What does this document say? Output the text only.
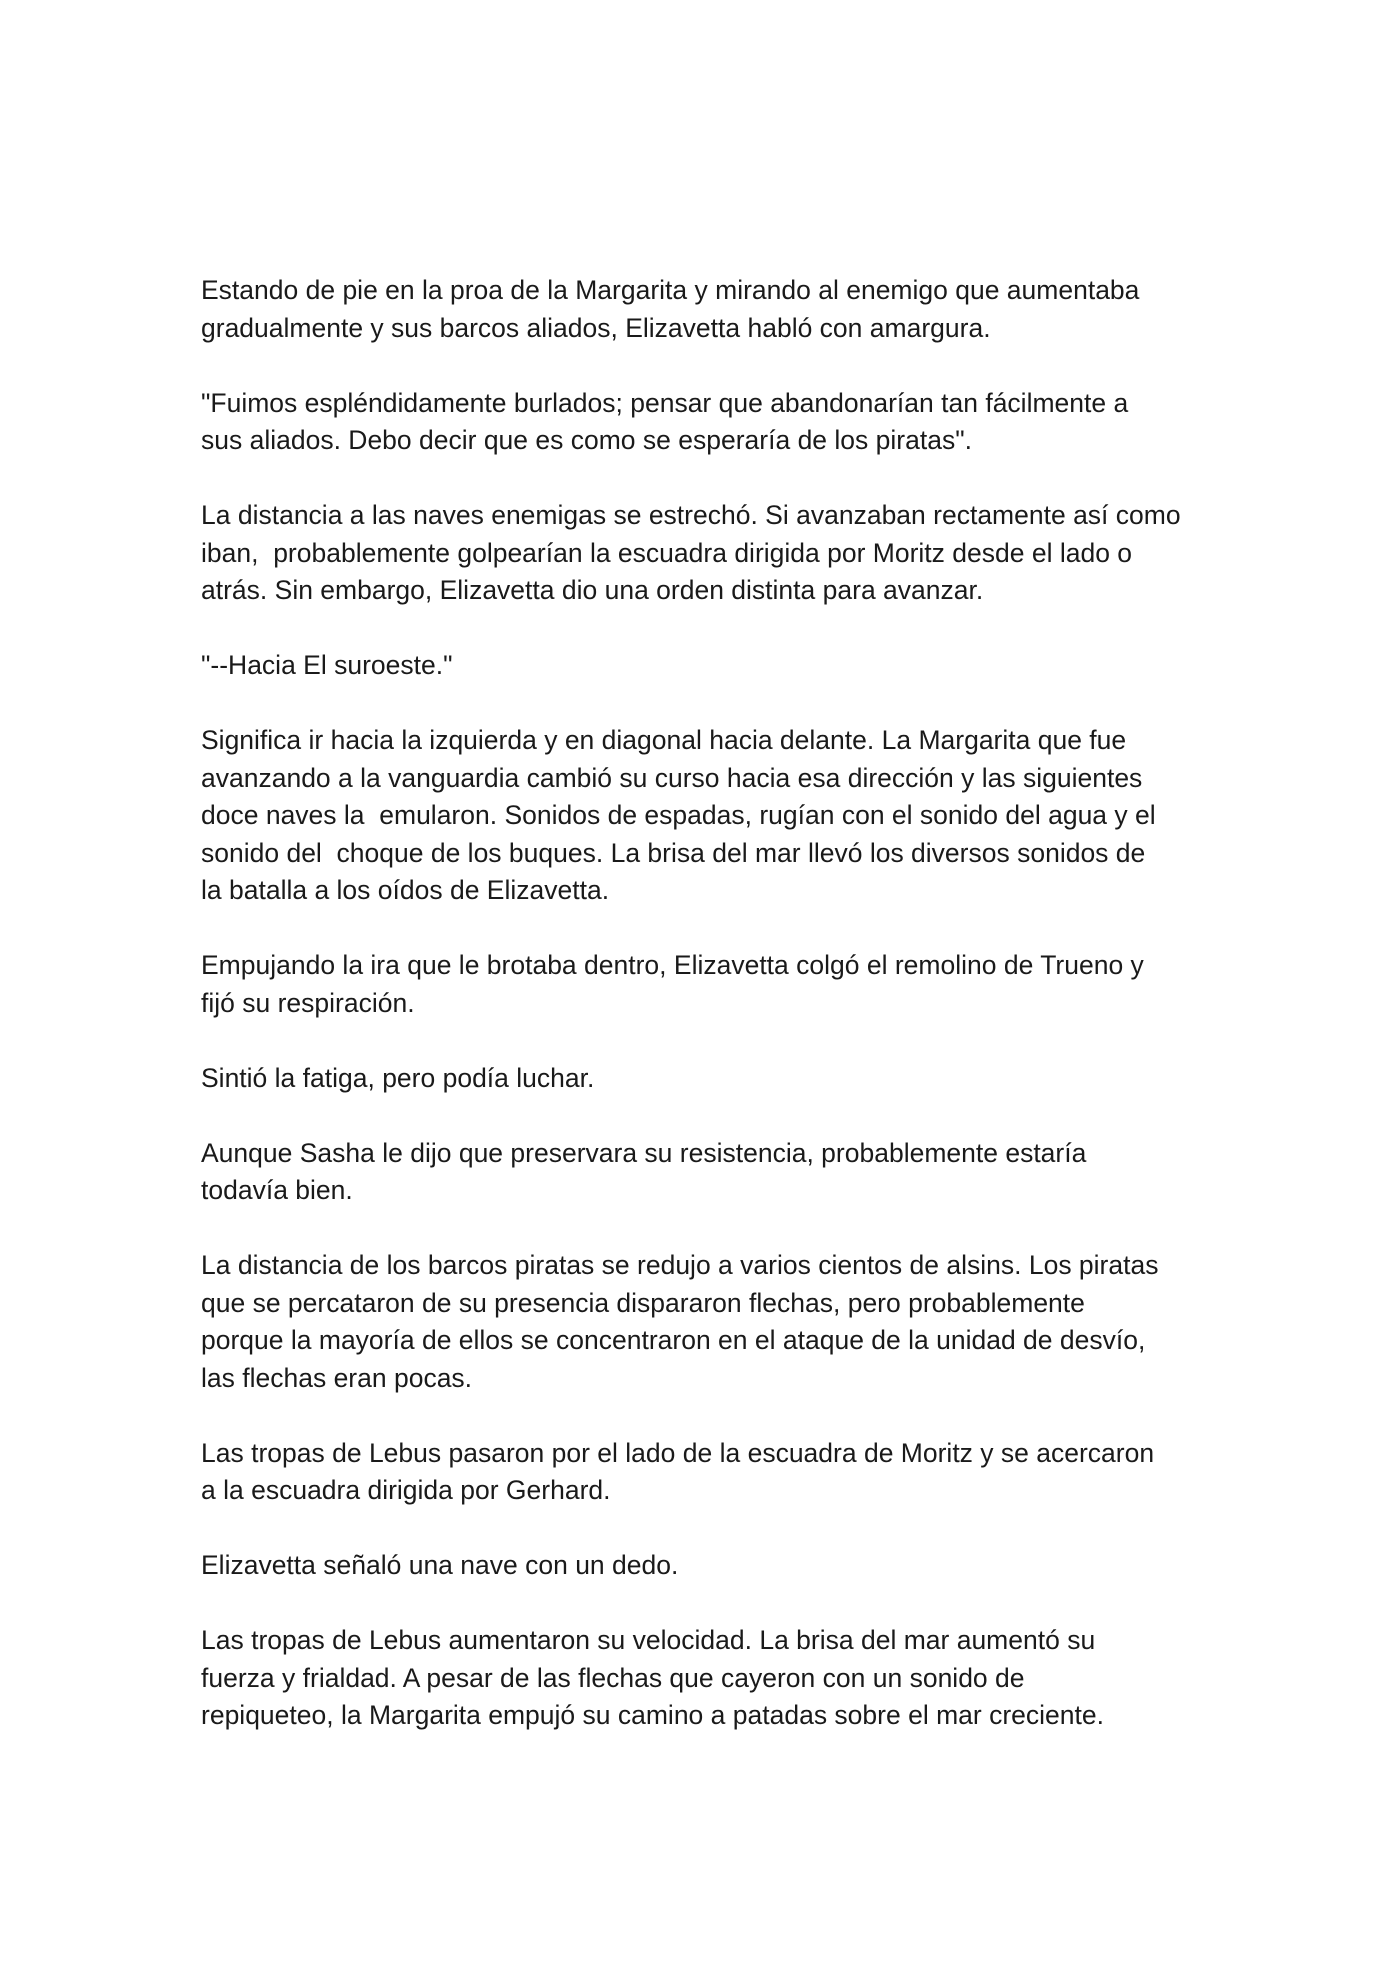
Estando de pie en la proa de la Margarita y mirando al enemigo que aumentaba
gradualmente y sus barcos aliados, Elizavetta habló con amargura.

"Fuimos espléndidamente burlados; pensar que abandonarían tan fácilmente a
sus aliados. Debo decir que es como se esperaría de los piratas".

La distancia a las naves enemigas se estrechó. Si avanzaban rectamente así como
iban,  probablemente golpearían la escuadra dirigida por Moritz desde el lado o
atrás. Sin embargo, Elizavetta dio una orden distinta para avanzar.

"--Hacia El suroeste."

Significa ir hacia la izquierda y en diagonal hacia delante. La Margarita que fue
avanzando a la vanguardia cambió su curso hacia esa dirección y las siguientes
doce naves la  emularon. Sonidos de espadas, rugían con el sonido del agua y el
sonido del  choque de los buques. La brisa del mar llevó los diversos sonidos de
la batalla a los oídos de Elizavetta.

Empujando la ira que le brotaba dentro, Elizavetta colgó el remolino de Trueno y
fijó su respiración.

Sintió la fatiga, pero podía luchar.

Aunque Sasha le dijo que preservara su resistencia, probablemente estaría
todavía bien.

La distancia de los barcos piratas se redujo a varios cientos de alsins. Los piratas
que se percataron de su presencia dispararon flechas, pero probablemente
porque la mayoría de ellos se concentraron en el ataque de la unidad de desvío,
las flechas eran pocas.

Las tropas de Lebus pasaron por el lado de la escuadra de Moritz y se acercaron
a la escuadra dirigida por Gerhard.

Elizavetta señaló una nave con un dedo.

Las tropas de Lebus aumentaron su velocidad. La brisa del mar aumentó su
fuerza y frialdad. A pesar de las flechas que cayeron con un sonido de
repiqueteo, la Margarita empujó su camino a patadas sobre el mar creciente.
